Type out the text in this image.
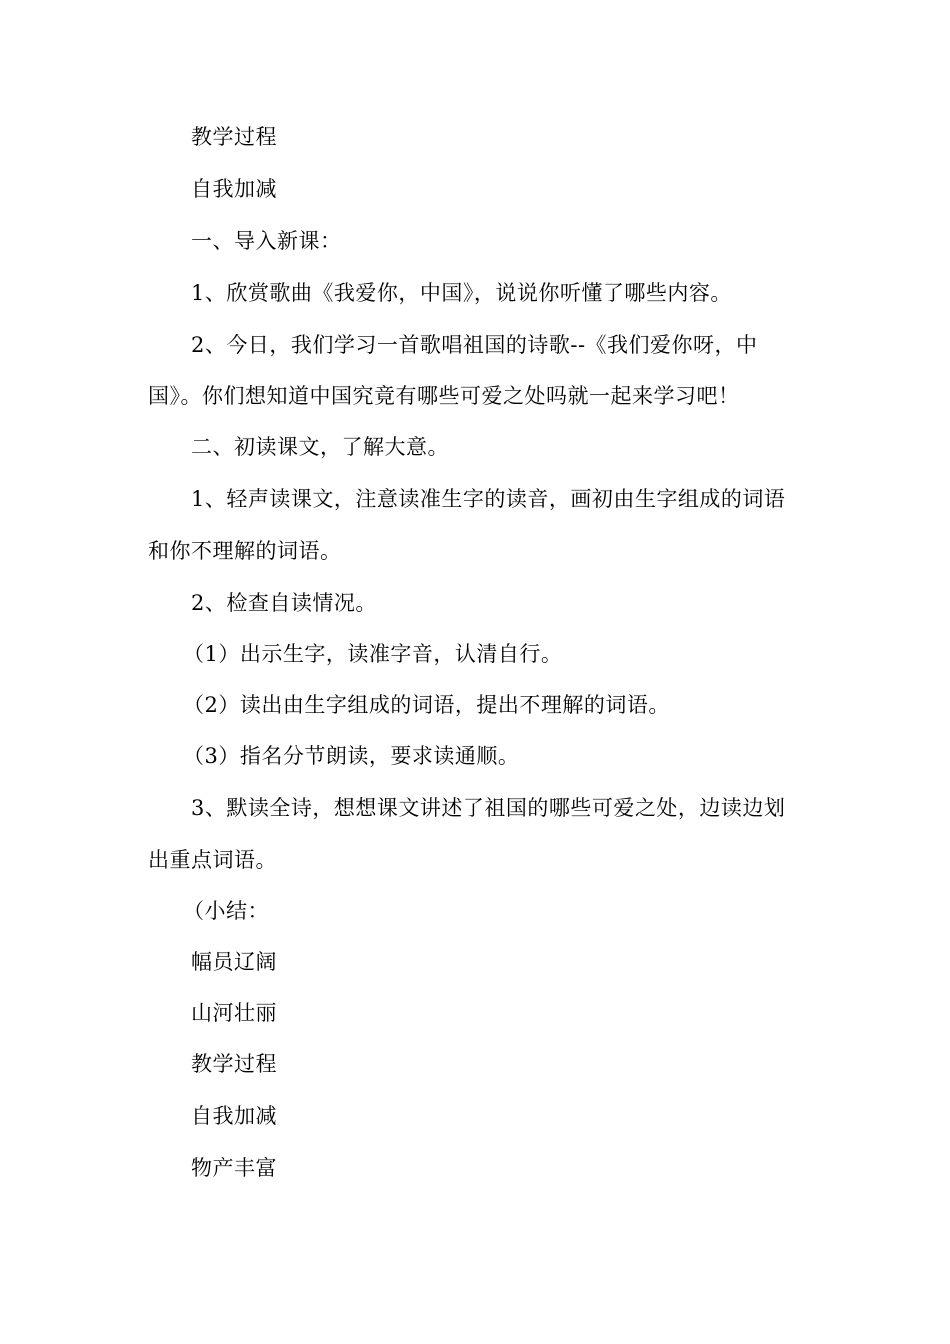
教学过程
自我加减
一、导入新课：
1、欣赏歌曲《我爱你，中国》，说说你听懂了哪些内容。
2、今日，我们学习一首歌唱祖国的诗歌--《我们爱你呀，中
国》。你们想知道中国究竟有哪些可爱之处吗就一起来学习吧！
二、初读课文，了解大意。
1、轻声读课文，注意读准生字的读音，画初由生字组成的词语
和你不理解的词语。
2、检查自读情况。
（1）出示生字，读准字音，认清自行。
（2）读出由生字组成的词语，提出不理解的词语。
（3）指名分节朗读，要求读通顺。
3、默读全诗，想想课文讲述了祖国的哪些可爱之处，边读边划
出重点词语。
（小结：
幅员辽阔
山河壮丽
教学过程
自我加减
物产丰富
